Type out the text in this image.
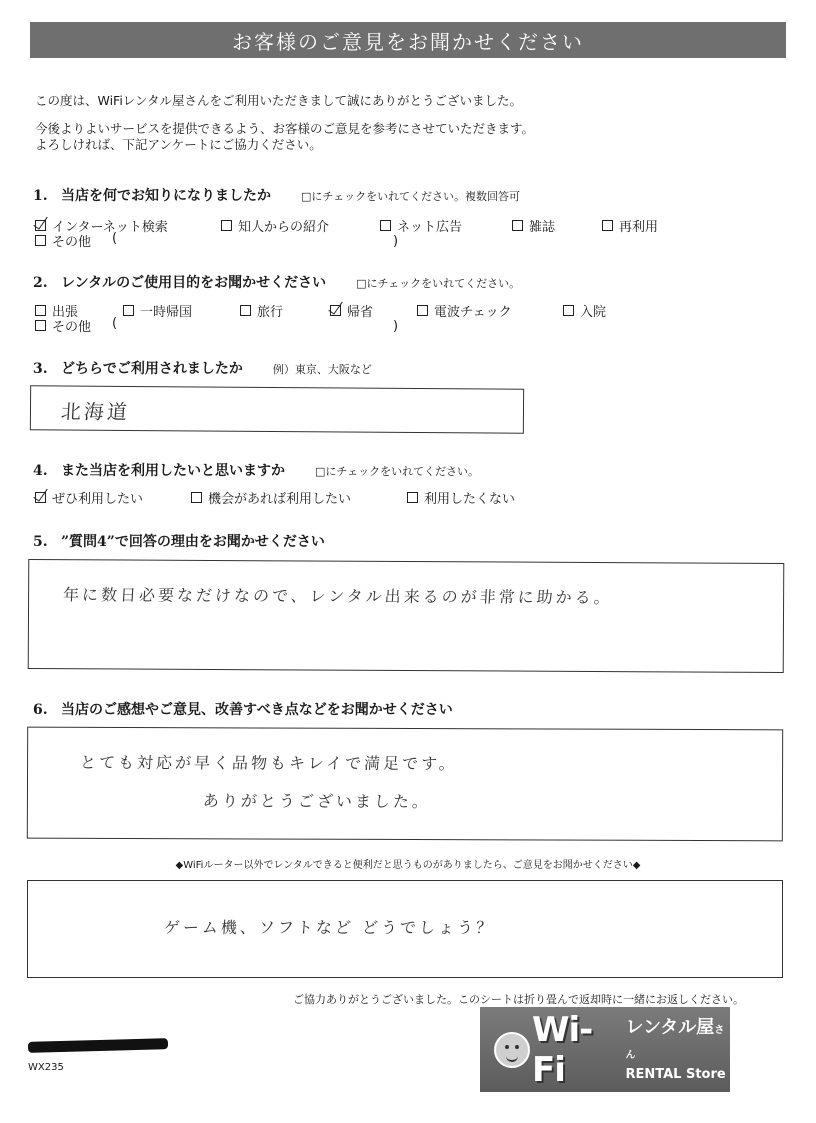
お客様のご意見をお聞かせください
この度は、WiFiレンタル屋さんをご利用いただきまして誠にありがとうございました。
今後よりよいサービスを提供できるよう、お客様のご意見を参考にさせていただきます。
よろしければ、下記アンケートにご協力ください。
1. 当店を何でお知りになりましたか	□にチェックをいれてください。複数回答可
インターネット検索	知人からの紹介	ネット広告	雑誌	再利用
その他 (	)
2. レンタルのご使用目的をお聞かせください	□にチェックをいれてください。
出張	一時帰国	旅行	帰省	電波チェック	入院
その他 (	)
3. どちらでご利用されましたか	例）東京、大阪など
北海道
4. また当店を利用したいと思いますか	□にチェックをいれてください。
ぜひ利用したい	機会があれば利用したい	利用したくない
5. ”質問4”で回答の理由をお聞かせください
年に数日必要なだけなので、レンタル出来るのが非常に助かる。
6. 当店のご感想やご意見、改善すべき点などをお聞かせください
とても対応が早く品物もキレイで満足です。
ありがとうございました。
◆WiFiルーター以外でレンタルできると便利だと思うものがありましたら、ご意見をお聞かせください◆
ゲーム機、ソフトなど どうでしょう？
ご協力ありがとうございました。このシートは折り畳んで返却時に一緒にお返しください。
WX235
Wi-Fi
レンタル屋さん
RENTAL Store
